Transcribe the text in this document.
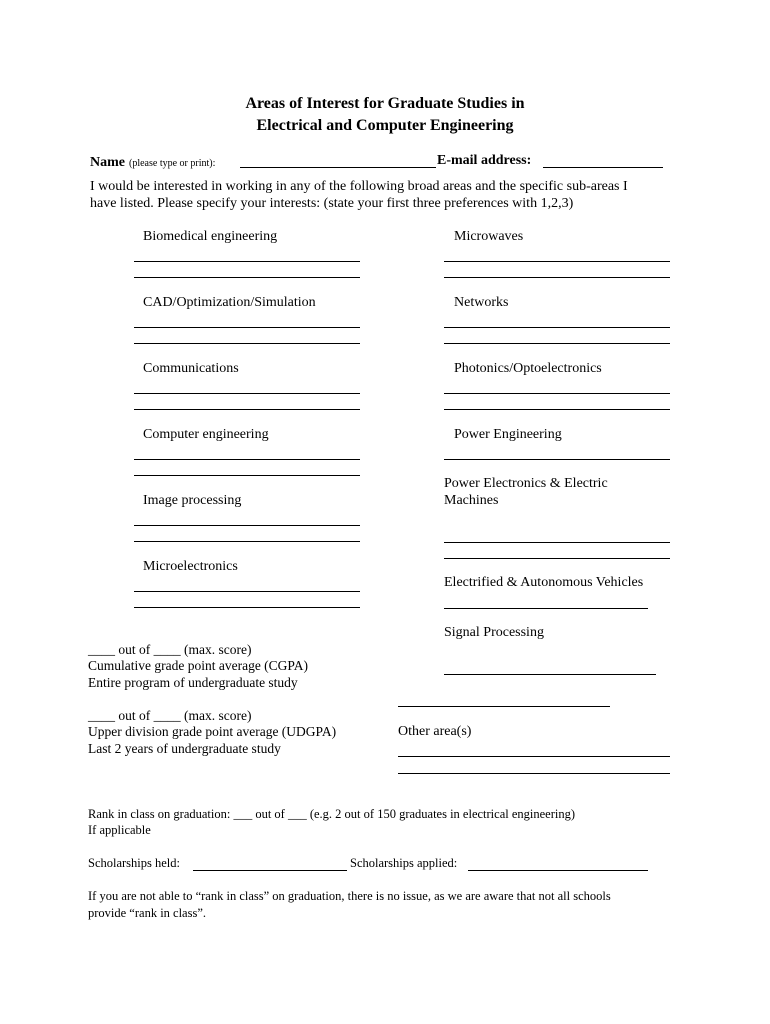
Areas of Interest for Graduate Studies in
Electrical and Computer Engineering
Name (please type or print):	E-mail address:
I would be interested in working in any of the following broad areas and the specific sub-areas I
have listed. Please specify your interests: (state your first three preferences with 1,2,3)
Biomedical engineering
CAD/Optimization/Simulation
Communications
Computer engineering
Image processing
Microelectronics
Microwaves
Networks
Photonics/Optoelectronics
Power Engineering
Power Electronics & Electric
Machines
Electrified & Autonomous Vehicles
Signal Processing
Other area(s)
____ out of ____ (max. score)
Cumulative grade point average (CGPA)
Entire program of undergraduate study
____ out of ____ (max. score)
Upper division grade point average (UDGPA)
Last 2 years of undergraduate study
Rank in class on graduation: ___ out of ___ (e.g. 2 out of 150 graduates in electrical engineering)
If applicable
Scholarships held:	Scholarships applied:
If you are not able to “rank in class” on graduation, there is no issue, as we are aware that not all schools
provide “rank in class”.
